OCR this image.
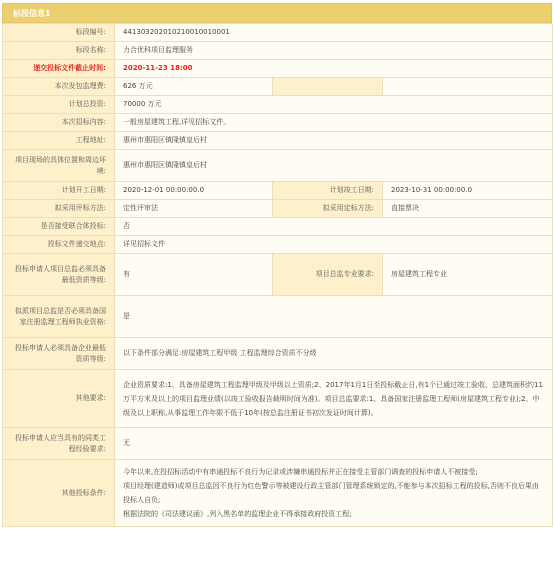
标段信息1
标段编号:	441303202010210010010001		
标段名称:	力合优科项目监理服务		
递交投标文件截止时间:	2020-11-23 18:00		
本次发包监理费:	626 万元		
计划总投资:	70000 万元		
本次招标内容:	一般房屋建筑工程,详见招标文件。		
工程地址:	惠州市惠阳区镇隆镇皇后村		
项目现场的具体位置和周边环境:	惠州市惠阳区镇隆镇皇后村		
计划开工日期:	2020-12-01 00:00:00.0	计划竣工日期:	2023-10-31 00:00:00.0
拟采用评标方法:	定性评审法	拟采用定标方法:	直接票决
是否接受联合体投标:	否		
投标文件递交地点:	详见招标文件		
投标申请人项目总监必须具备最低资质等级:	有	项目总监专业要求:	房屋建筑工程专业
拟派项目总监是否必须具备国家注册监理工程师执业资格:	是		
投标申请人必须具备企业最低资质等级:	以下条件部分满足:房屋建筑工程甲级 工程监理综合资质不分级		
其他要求:	企业资质要求:1、具备房屋建筑工程监理甲级及甲级以上资质;2、2017年1月1日至投标截止日,有1个已通过竣工验收、总建筑面积约11万平方米及以上的项目监理业绩(以竣工验收报告载明时间为准)。项目总监要求:1、具备国家注册监理工程师(房屋建筑工程专业);2、中级及以上职称,从事监理工作年限不低于10年(按总监注册证书初次发证时间计算)。		
投标申请人应当具有的同类工程经验要求:	无		
其他投标条件:	今年以来,在投招标活动中有串通投标不良行为记录或涉嫌串通投标并正在接受主管部门调查的投标申请人不被接受;

项目经理(建造师)或项目总监因不良行为红色警示等被建设行政主管部门管理系统锁定的,不能参与本次招标工程的投标,否则不良后果由投标人自负;

根据法院的《司法建议函》,列入黑名单的监理企业不得承接政府投资工程;		
